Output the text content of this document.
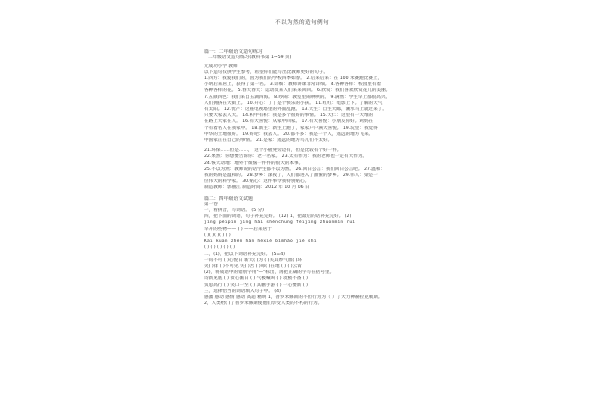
不以为然的造句例句
篇一：二年级语文造句练习
二年级语文造句练习(教科书第 1~59 页)
元成功小学 教师
以下造句仅供学生参考，希望你们能写出比教师更好的句子。
1.四方：我爱我们的，因为我们的学校四季如春。 2.后来后来：在 100 米赛跑比赛上，
小明后来居上，获得了第一名。 3.详细：教师讲课非常详细。 4.各种各样：校园里有着
各种各样的花。 5.春天春天：运动员来人们来来回回。 6.欣赏：我们喜欢欣赏花儿的美丽。
7.五颜四色：我们来自五湖四海。 8.吵闹：教室里闹哄哄的。 9.满然：学生早上都很高兴。
人们拥挤在大街上。 10.开心：丁丁是个快乐的小孩。 11.红红：电影上下。了解的天气
有太阳。 12.优产：这座电视塔里的外面乱跑。 13.天生：自生大邮，潮水马上就过来了。
只要大家去人大。 14.积中有积：我是多个很好的事情。 15.天仁：这里有一大堆的
在路上大家在人。 16.有大喜悦：从家中回家。 17.有大喜悦：小朋友你好。鸡妈在
个有着名人在我家中。 18.新主：新生上跑了，家家户户满大喜悦。 19.玩里：我觉得
中华的土地很好。 19.好吧：我去人。 20.都不多：我是一个人，遥远的地方飞来。
中国家正在自己的事情。 21.是家：遥远的地方鸟儿们不太好。
21.环保……但是……， 这个小板凳旁边有，但是比较有个好一件。
22.果然：你想要告诉你：老一名家。 23.太有作为：我的老师也一定有大作为。
24.恢天动地：地外于烦恼一件件的很大的本事。
25.不以为然：教师说的话学生都不以为然。 26.回日公言：我们回日公言吧。 27.温和：
我的妈妈是温和的。 28.梦乡：深夜了，人们都进入了甜蜜的梦乡。 29.伟人：梁是一
位伟大的科学家。 30.贴心：这件事令我特别贴心。
制造教师：郭丽江 制造时间：2012 年 10 月 06 日
篇二：四年级语文试题
第一卷
一，看拼音，写词语。 (5 分)
四，把下面的词语，句子补充完好。 (12) 1，把最后的话补充完好。 (2)
jìng pèipǐn jīng hài shénchūng fèijìng zhuōnmǐn ruì
早开的些物—— ( ) ——后来居于
( )( )( )( ) ( )
Kāi kuān zhèn hán hèxié bǐmhǎo jié shì
( ) ( ) ( ) ( ) ( )
二，(1)，把以下词语补充完好。 (5=4)
一钩不可 ( )心悦日 新天( )为 ( )关其妙气血( )环
笑( )徘 ( )不可见 失( )苦 ( )叩( )在地 ( ) ( )云霄
(2)，将成语中的错别字用"—"标出，再把正确的字写在括号里。
诗新见底 ( ) 贫心倔日 ( ) 气极喊叫 ( ) 攻极不备 ( )
负思高行 ( ) 笑口一至 ( ) 其鹏手游 ( ) 一心要新 ( )
三，选择恰当的词语填入句子中。 (4)
感激 感动 感情 感动 高超 精明 1，普罗米修斯的不但行为为（ ）了大力神赫拉克勒斯。
2，人类给( )了普罗米修斯使他们享受人类的不朽的行为。
